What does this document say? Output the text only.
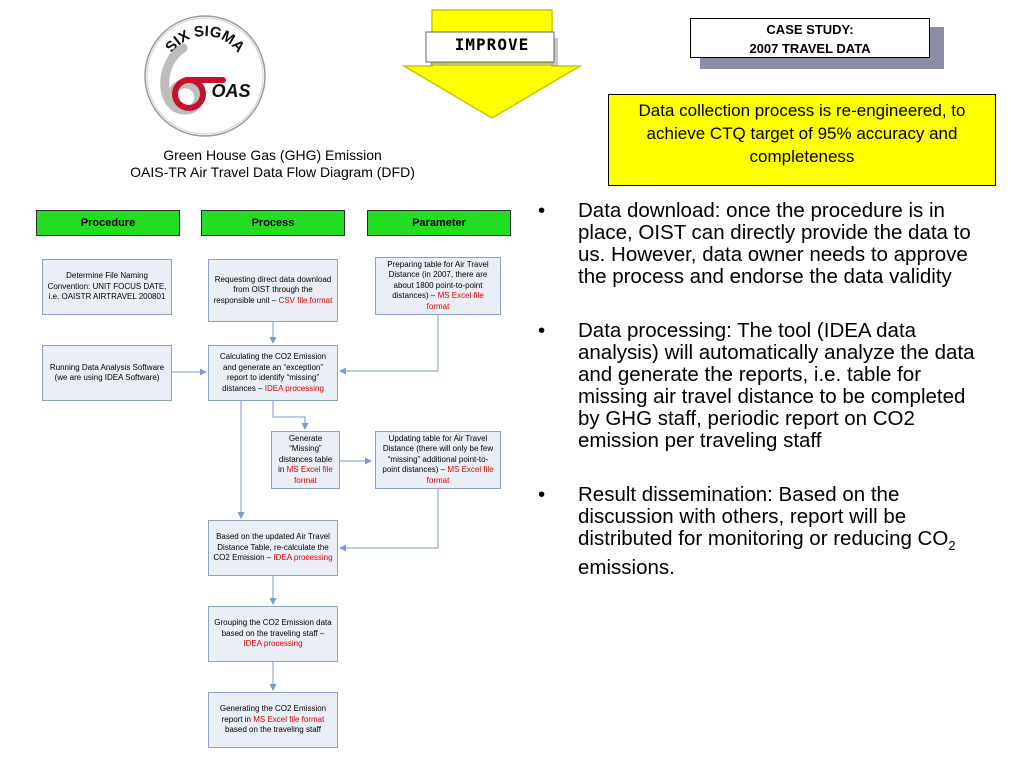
SIX SIGMA
OAS
Green House Gas (GHG) Emission
OAIS-TR Air Travel Data Flow Diagram (DFD)
IMPROVE
CASE STUDY:
2007 TRAVEL DATA
Data collection process is re-engineered, to achieve CTQ target of 95% accuracy and completeness
Procedure	Process	Parameter
Determine File Naming Convention: UNIT FOCUS DATE, i.e. OAISTR AIRTRAVEL 200801
Requesting direct data download from OIST through the responsible unit – CSV file format
Preparing table for Air Travel Distance (in 2007, there are about 1800 point-to-point distances) – MS Excel file format
Running Data Analysis Software (we are using IDEA Software)
Calculating the CO2 Emission and generate an “exception” report to identify “missing” distances – IDEA processing
Generate “Missing” distances table in MS Excel file format
Updating table for Air Travel Distance (there will only be few “missing” additional point-to-point distances) – MS Excel file format
Based on the updated Air Travel Distance Table, re-calculate the CO2 Emission – IDEA processing
Grouping the CO2 Emission data based on the traveling staff – IDEA processing
Generating the CO2 Emission report in MS Excel file format based on the traveling staff
• Data download: once the procedure is in place, OIST can directly provide the data to us. However, data owner needs to approve the process and endorse the data validity
• Data processing: The tool (IDEA data analysis) will automatically analyze the data and generate the reports, i.e. table for missing air travel distance to be completed by GHG staff, periodic report on CO2 emission per traveling staff
• Result dissemination: Based on the discussion with others, report will be distributed for monitoring or reducing $CO_2$ emissions.
